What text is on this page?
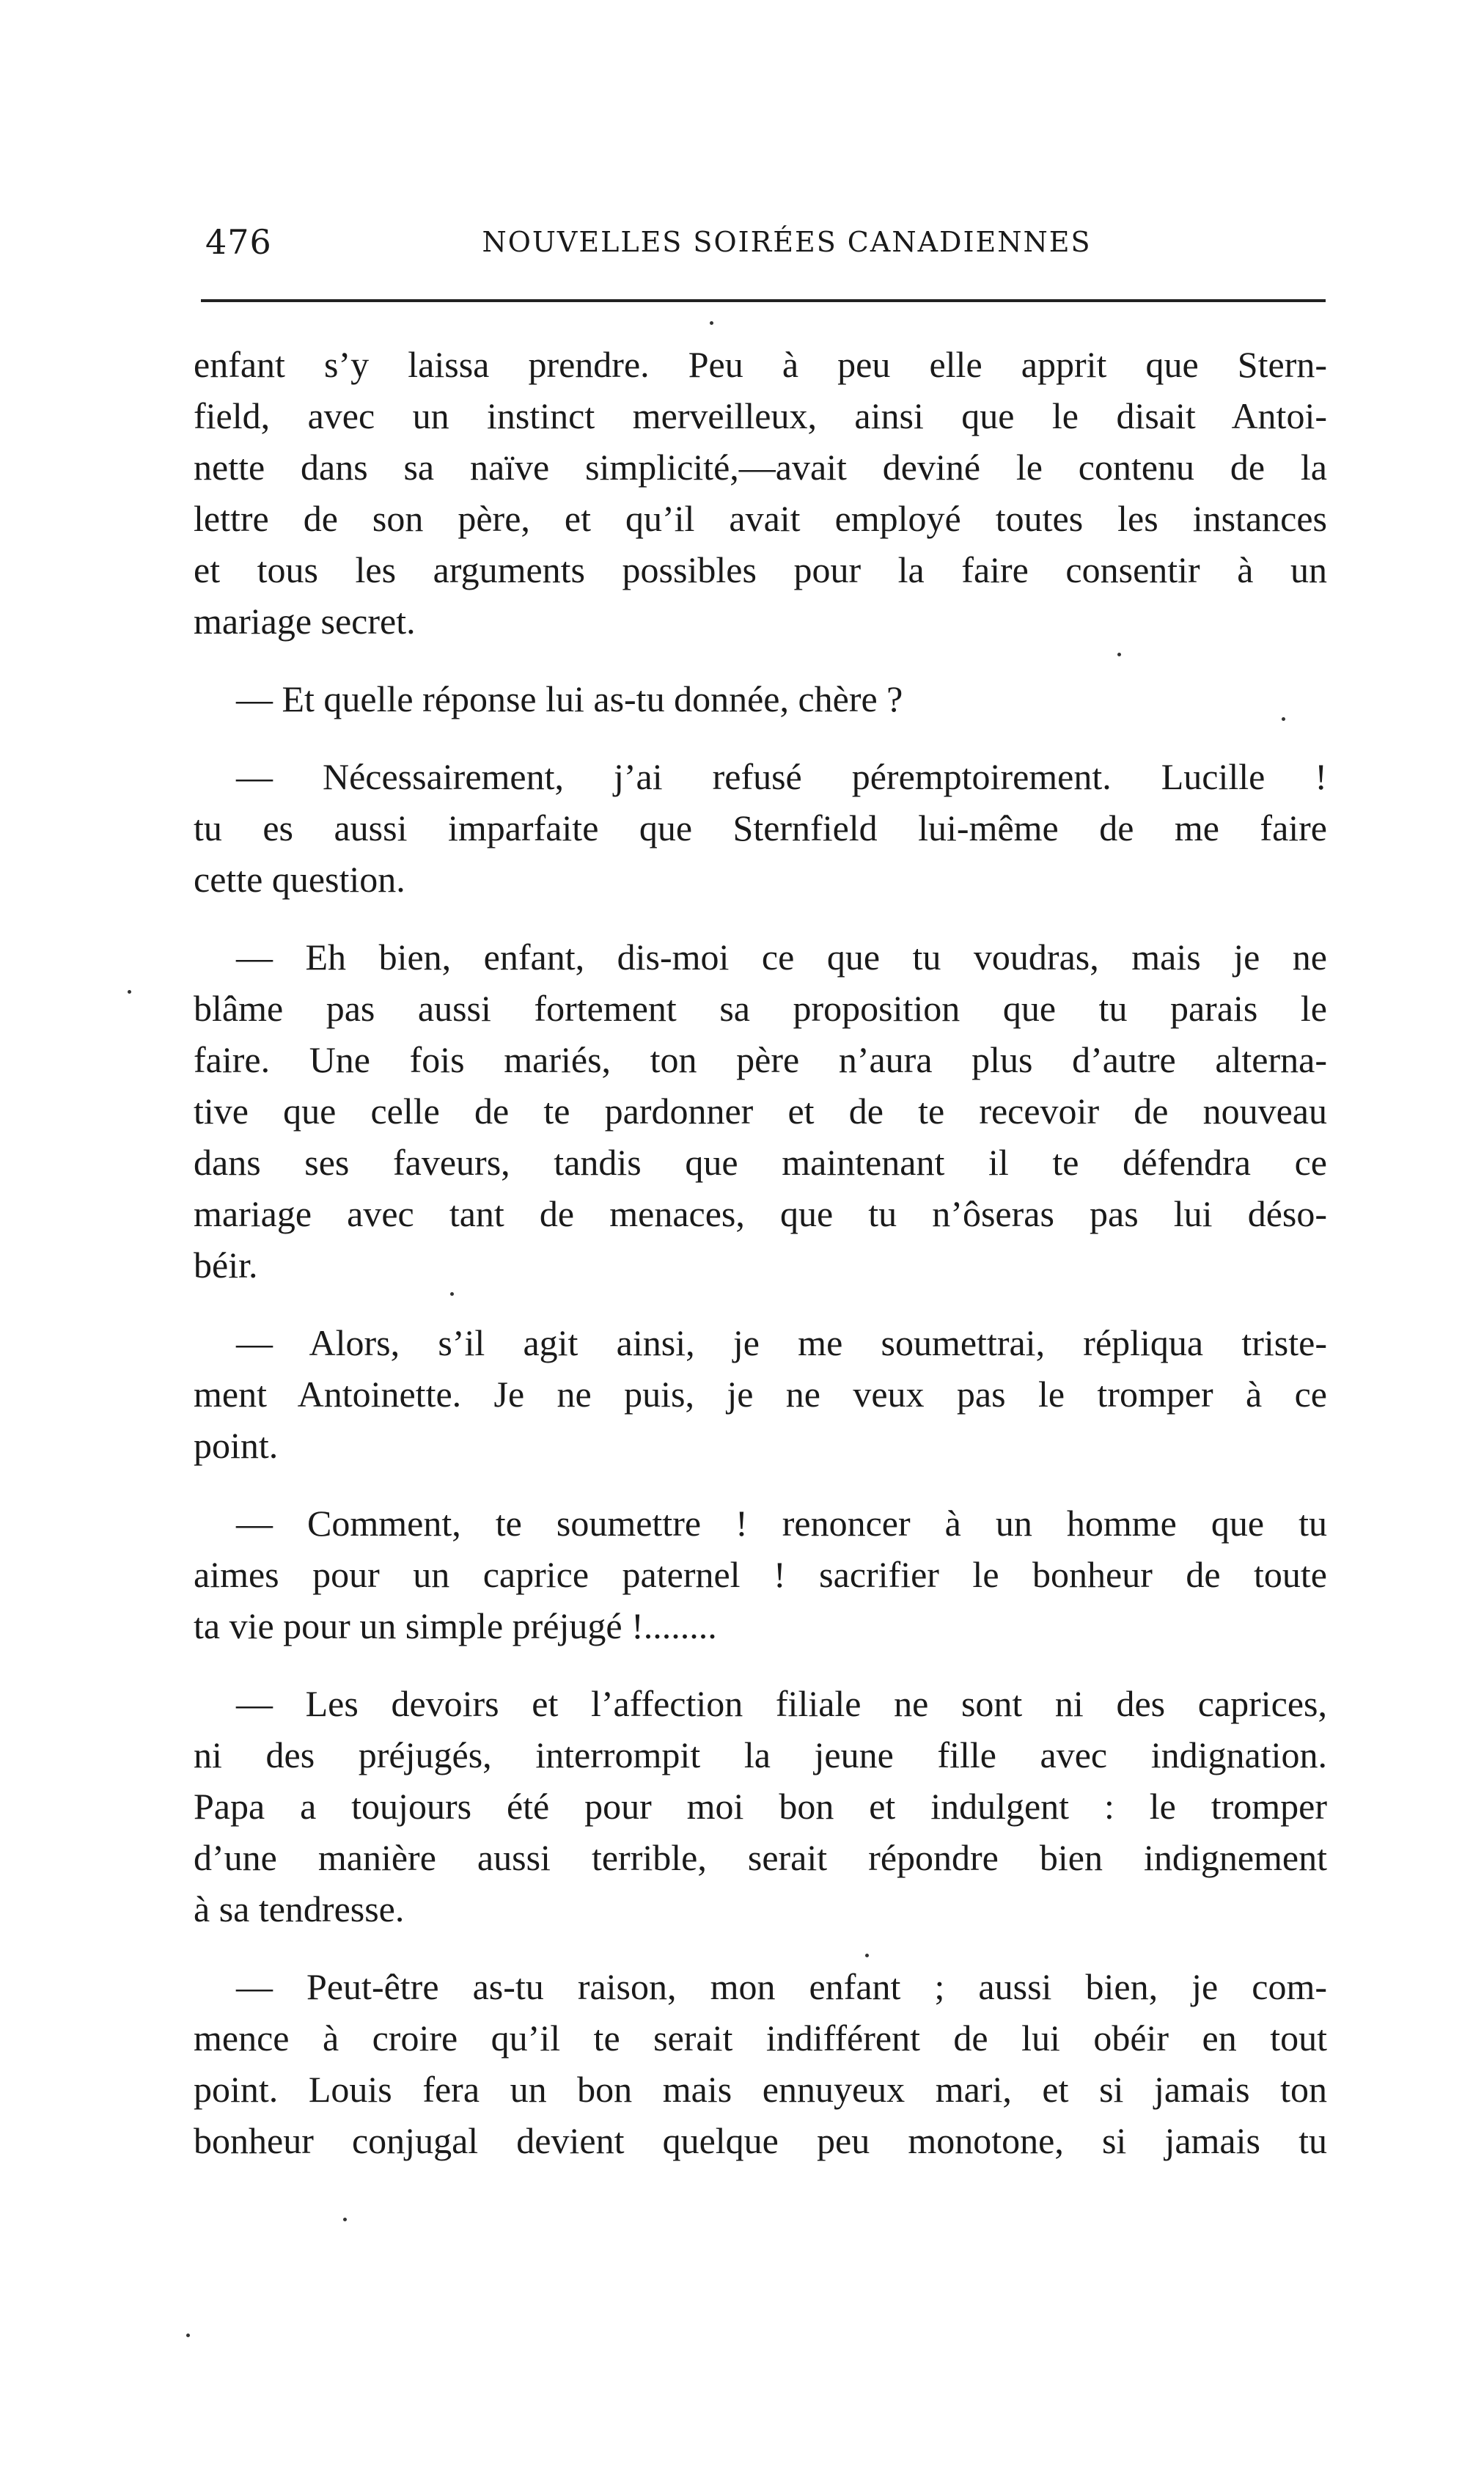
476	NOUVELLES SOIRÉES CANADIENNES

enfant s’y laissa prendre. Peu à peu elle apprit que Stern-
field, avec un instinct merveilleux, ainsi que le disait Antoi-
nette dans sa naïve simplicité,—avait deviné le contenu de la
lettre de son père, et qu’il avait employé toutes les instances
et tous les arguments possibles pour la faire consentir à un
mariage secret.

— Et quelle réponse lui as-tu donnée, chère ?

— Nécessairement, j’ai refusé péremptoirement. Lucille !
tu es aussi imparfaite que Sternfield lui-même de me faire
cette question.

— Eh bien, enfant, dis-moi ce que tu voudras, mais je ne
blâme pas aussi fortement sa proposition que tu parais le
faire. Une fois mariés, ton père n’aura plus d’autre alterna-
tive que celle de te pardonner et de te recevoir de nouveau
dans ses faveurs, tandis que maintenant il te défendra ce
mariage avec tant de menaces, que tu n’ôseras pas lui déso-
béir.

— Alors, s’il agit ainsi, je me soumettrai, répliqua triste-
ment Antoinette. Je ne puis, je ne veux pas le tromper à ce
point.

— Comment, te soumettre ! renoncer à un homme que tu
aimes pour un caprice paternel ! sacrifier le bonheur de toute
ta vie pour un simple préjugé !........

— Les devoirs et l’affection filiale ne sont ni des caprices,
ni des préjugés, interrompit la jeune fille avec indignation.
Papa a toujours été pour moi bon et indulgent : le tromper
d’une manière aussi terrible, serait répondre bien indignement
à sa tendresse.

— Peut-être as-tu raison, mon enfant ; aussi bien, je com-
mence à croire qu’il te serait indifférent de lui obéir en tout
point. Louis fera un bon mais ennuyeux mari, et si jamais ton
bonheur conjugal devient quelque peu monotone, si jamais tu
